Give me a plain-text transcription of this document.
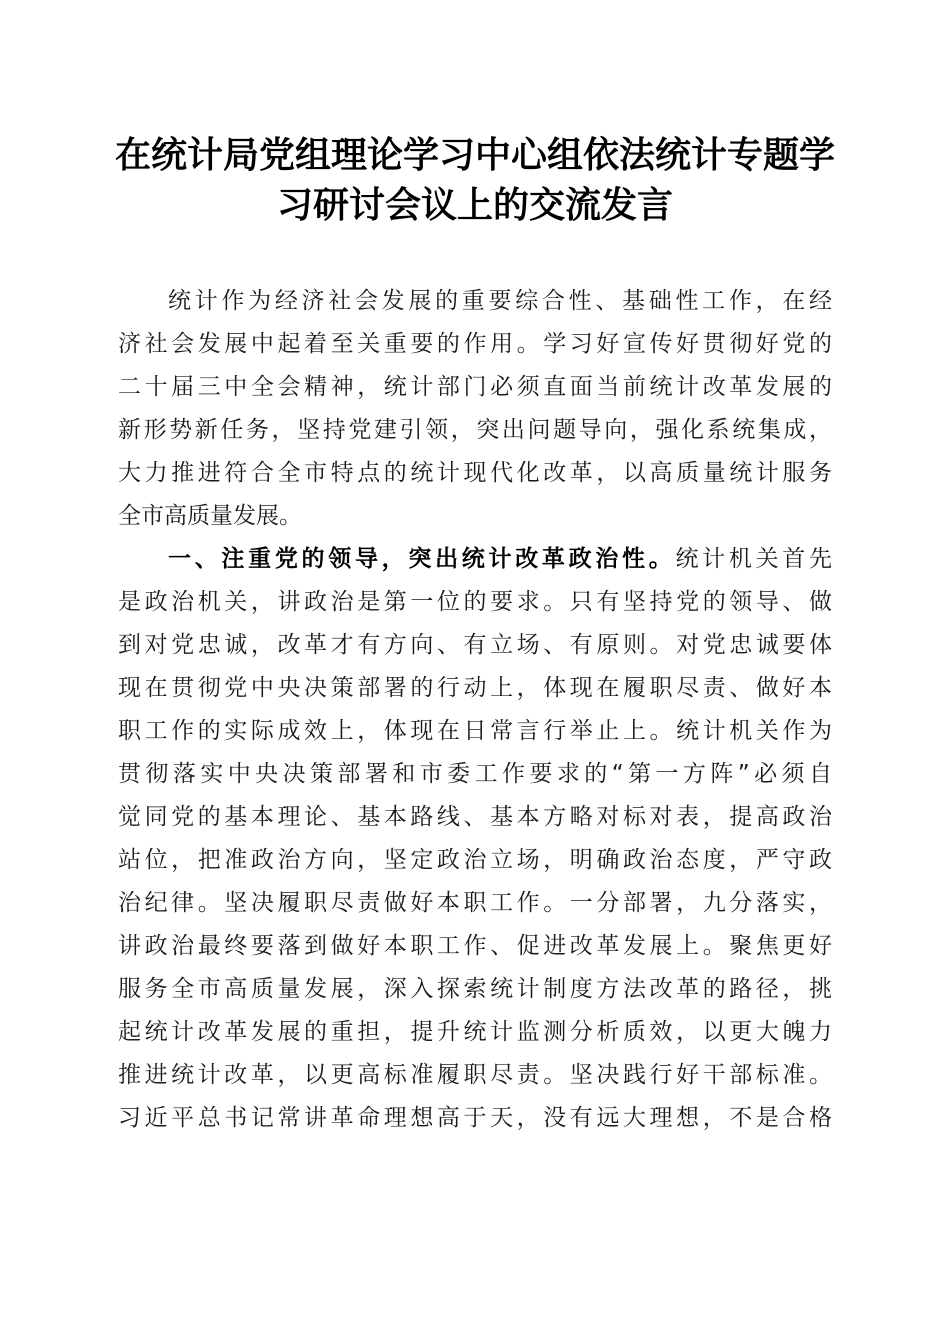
在统计局党组理论学习中心组依法统计专题学
习研讨会议上的交流发言
统计作为经济社会发展的重要综合性、基础性工作，在经
济社会发展中起着至关重要的作用。学习好宣传好贯彻好党的
二十届三中全会精神，统计部门必须直面当前统计改革发展的
新形势新任务，坚持党建引领，突出问题导向，强化系统集成，
大力推进符合全市特点的统计现代化改革，以高质量统计服务
全市高质量发展。
一、注重党的领导，突出统计改革政治性。统计机关首先
是政治机关，讲政治是第一位的要求。只有坚持党的领导、做
到对党忠诚，改革才有方向、有立场、有原则。对党忠诚要体
现在贯彻党中央决策部署的行动上，体现在履职尽责、做好本
职工作的实际成效上，体现在日常言行举止上。统计机关作为
贯彻落实中央决策部署和市委工作要求的“第一方阵”必须自
觉同党的基本理论、基本路线、基本方略对标对表，提高政治
站位，把准政治方向，坚定政治立场，明确政治态度，严守政
治纪律。坚决履职尽责做好本职工作。一分部署，九分落实，
讲政治最终要落到做好本职工作、促进改革发展上。聚焦更好
服务全市高质量发展，深入探索统计制度方法改革的路径，挑
起统计改革发展的重担，提升统计监测分析质效，以更大魄力
推进统计改革，以更高标准履职尽责。坚决践行好干部标准。
习近平总书记常讲革命理想高于天，没有远大理想，不是合格
